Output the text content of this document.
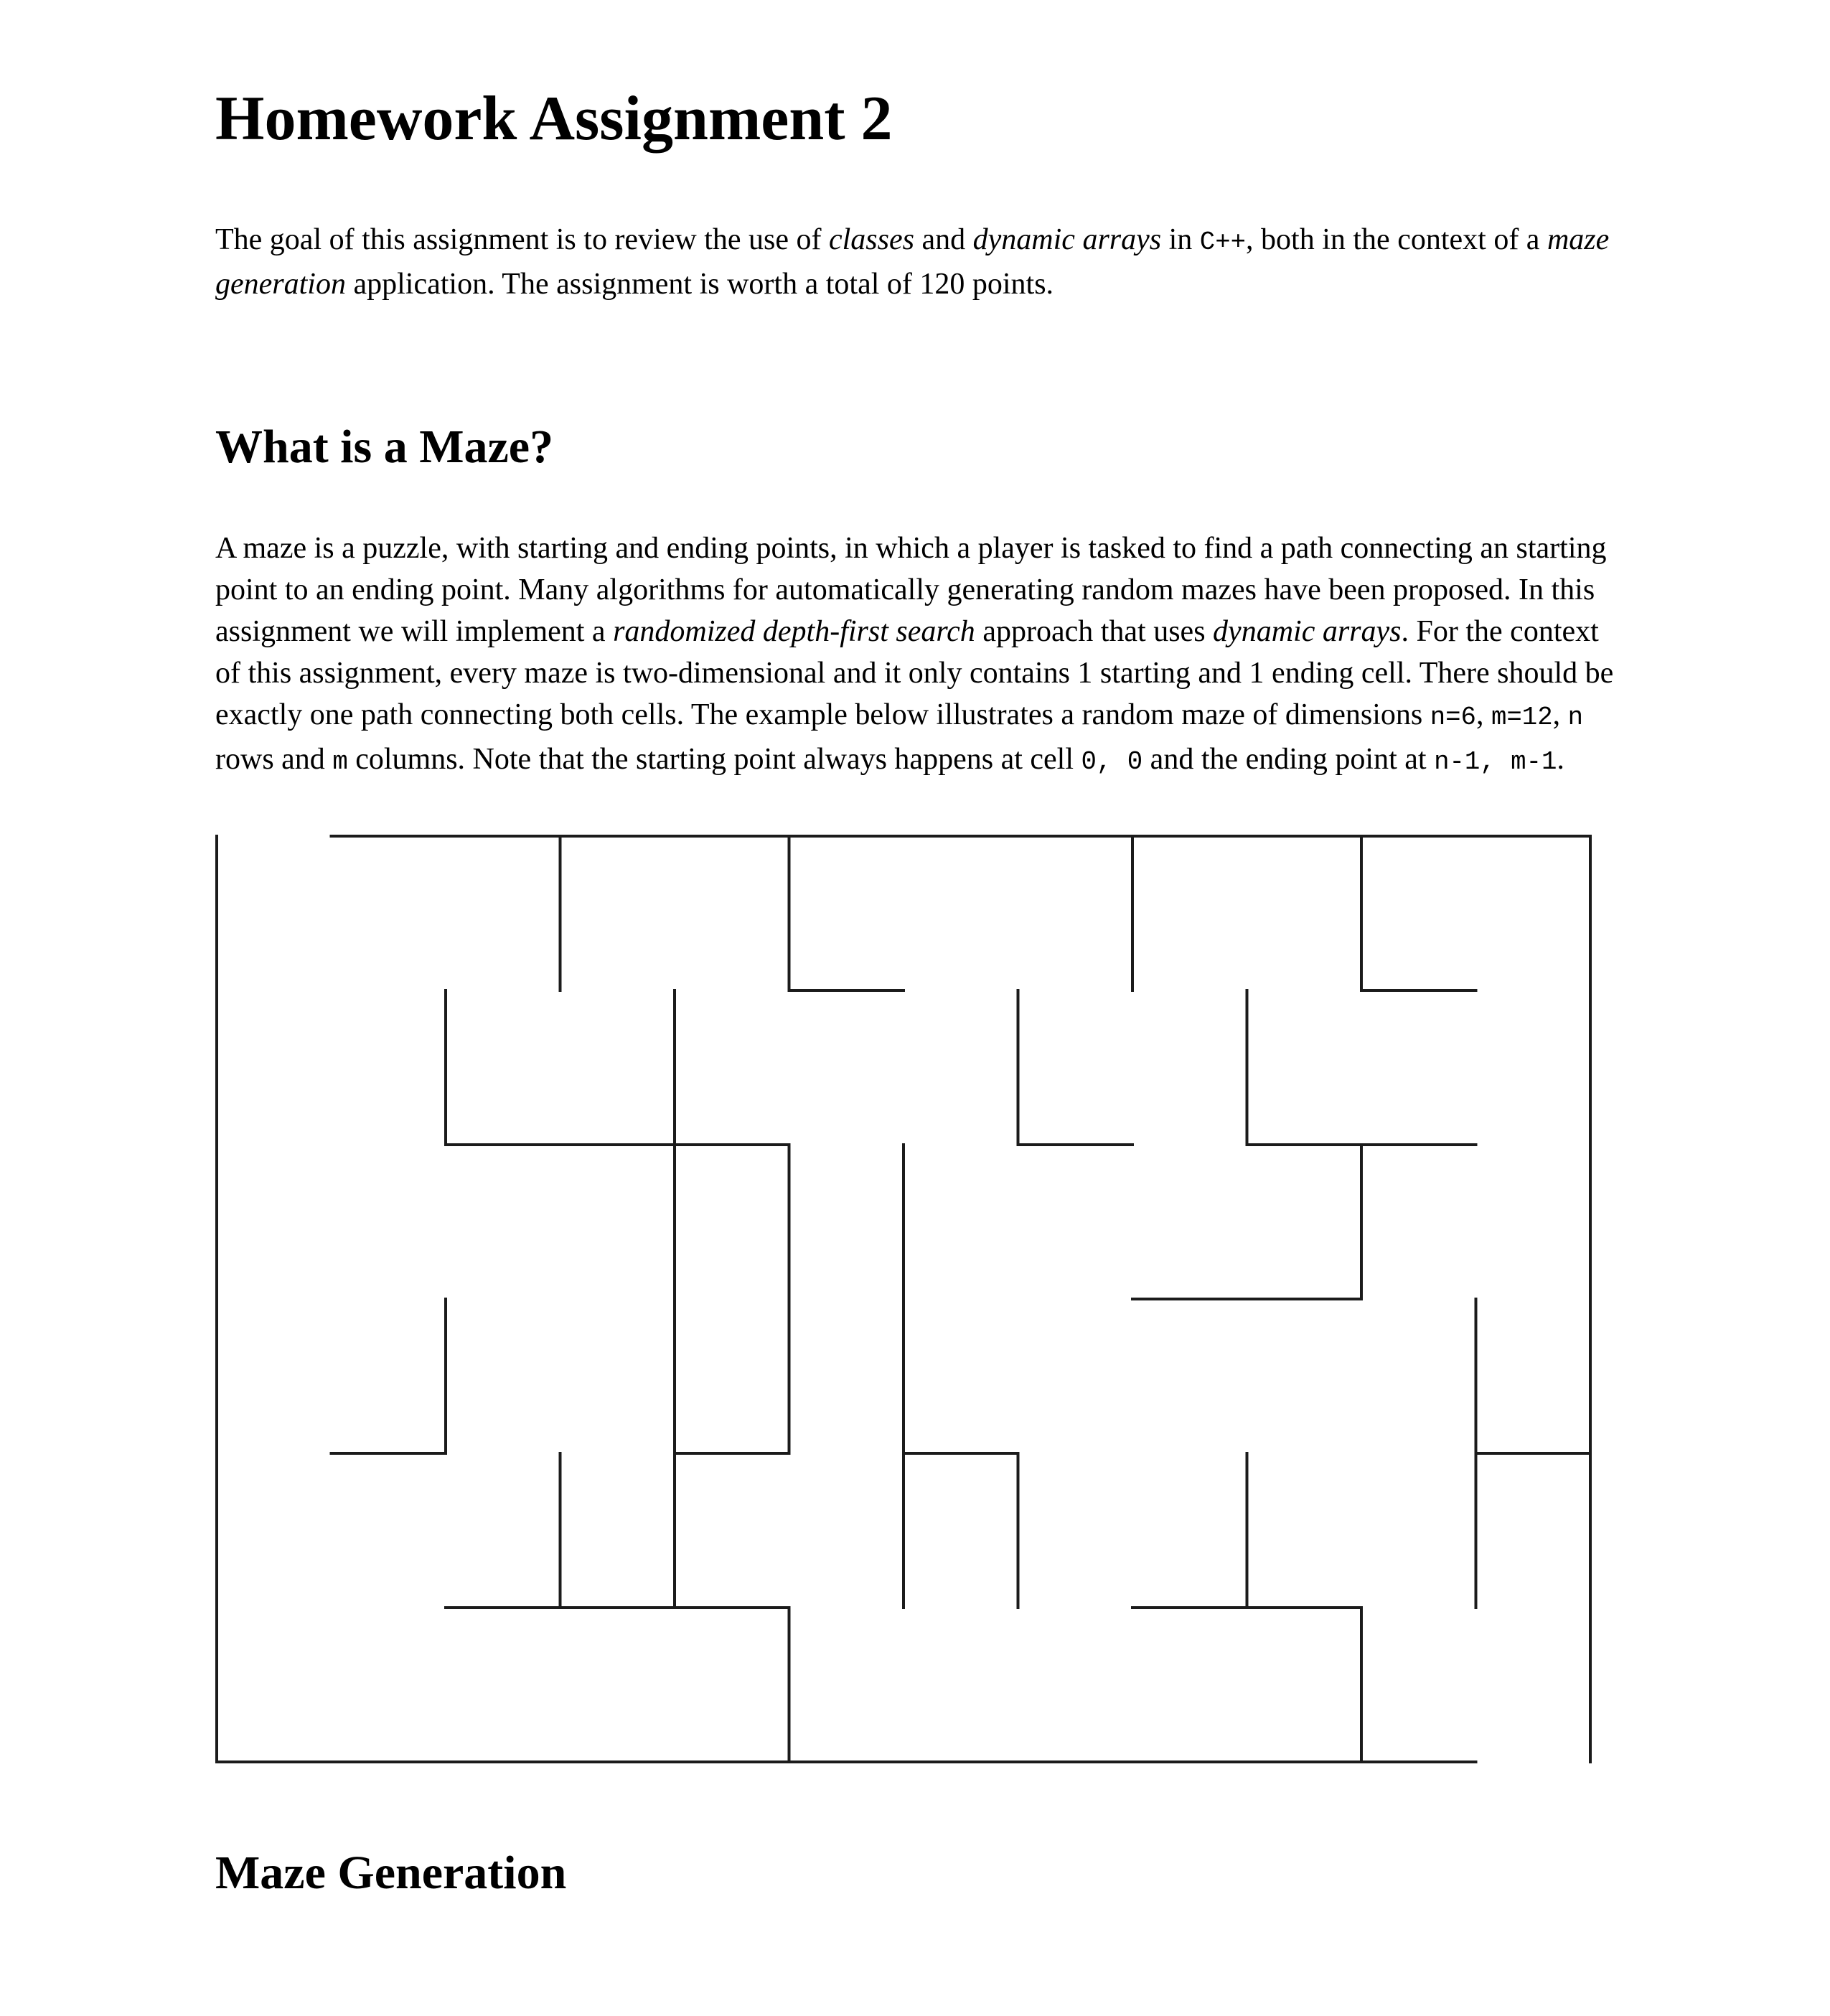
Homework Assignment 2

The goal of this assignment is to review the use of classes and dynamic arrays in C++, both in the context of a maze generation application. The assignment is worth a total of 120 points.

What is a Maze?

A maze is a puzzle, with starting and ending points, in which a player is tasked to find a path connecting an starting point to an ending point. Many algorithms for automatically generating random mazes have been proposed. In this assignment we will implement a randomized depth-first search approach that uses dynamic arrays. For the context of this assignment, every maze is two-dimensional and it only contains 1 starting and 1 ending cell. There should be exactly one path connecting both cells. The example below illustrates a random maze of dimensions n=6, m=12, n rows and m columns. Note that the starting point always happens at cell 0, 0 and the ending point at n-1, m-1.

Maze Generation
